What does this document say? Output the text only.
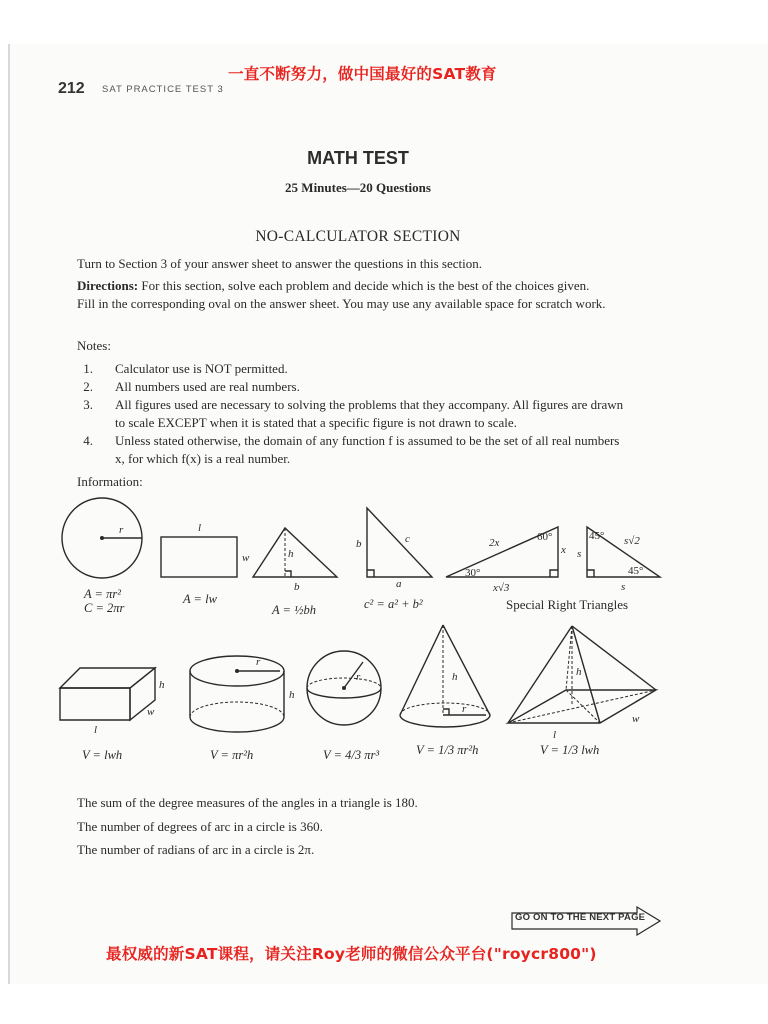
一直不断努力，做中国最好的SAT教育
212 SAT PRACTICE TEST 3
MATH TEST
25 Minutes—20 Questions
NO-CALCULATOR SECTION
Turn to Section 3 of your answer sheet to answer the questions in this section.
Directions: For this section, solve each problem and decide which is the best of the choices given.
Fill in the corresponding oval on the answer sheet. You may use any available space for scratch work.
Notes:
1. Calculator use is NOT permitted.
2. All numbers used are real numbers.
3. All figures used are necessary to solving the problems that they accompany. All figures are drawn
to scale EXCEPT when it is stated that a specific figure is not drawn to scale.
4. Unless stated otherwise, the domain of any function f is assumed to be the set of all real numbers
x, for which f(x) is a real number.
Information:
r	l
w	h
b
b	c
a
2x	60°
x
30°
x√3
45° s√2
s
45°
s
h
w
l
r
h
r	h
r
h
l
w
A = πr²
C = 2πr
A = lw
A = ½bh	c² = a² + b²	Special Right Triangles
V = lwh	V = πr²h	V = 4/3 πr³	V = 1/3 πr²h	V = 1/3 lwh
The sum of the degree measures of the angles in a triangle is 180.
The number of degrees of arc in a circle is 360.
The number of radians of arc in a circle is 2π.
GO ON TO THE NEXT PAGE
最权威的新SAT课程，请关注Roy老师的微信公众平台("roycr800")
